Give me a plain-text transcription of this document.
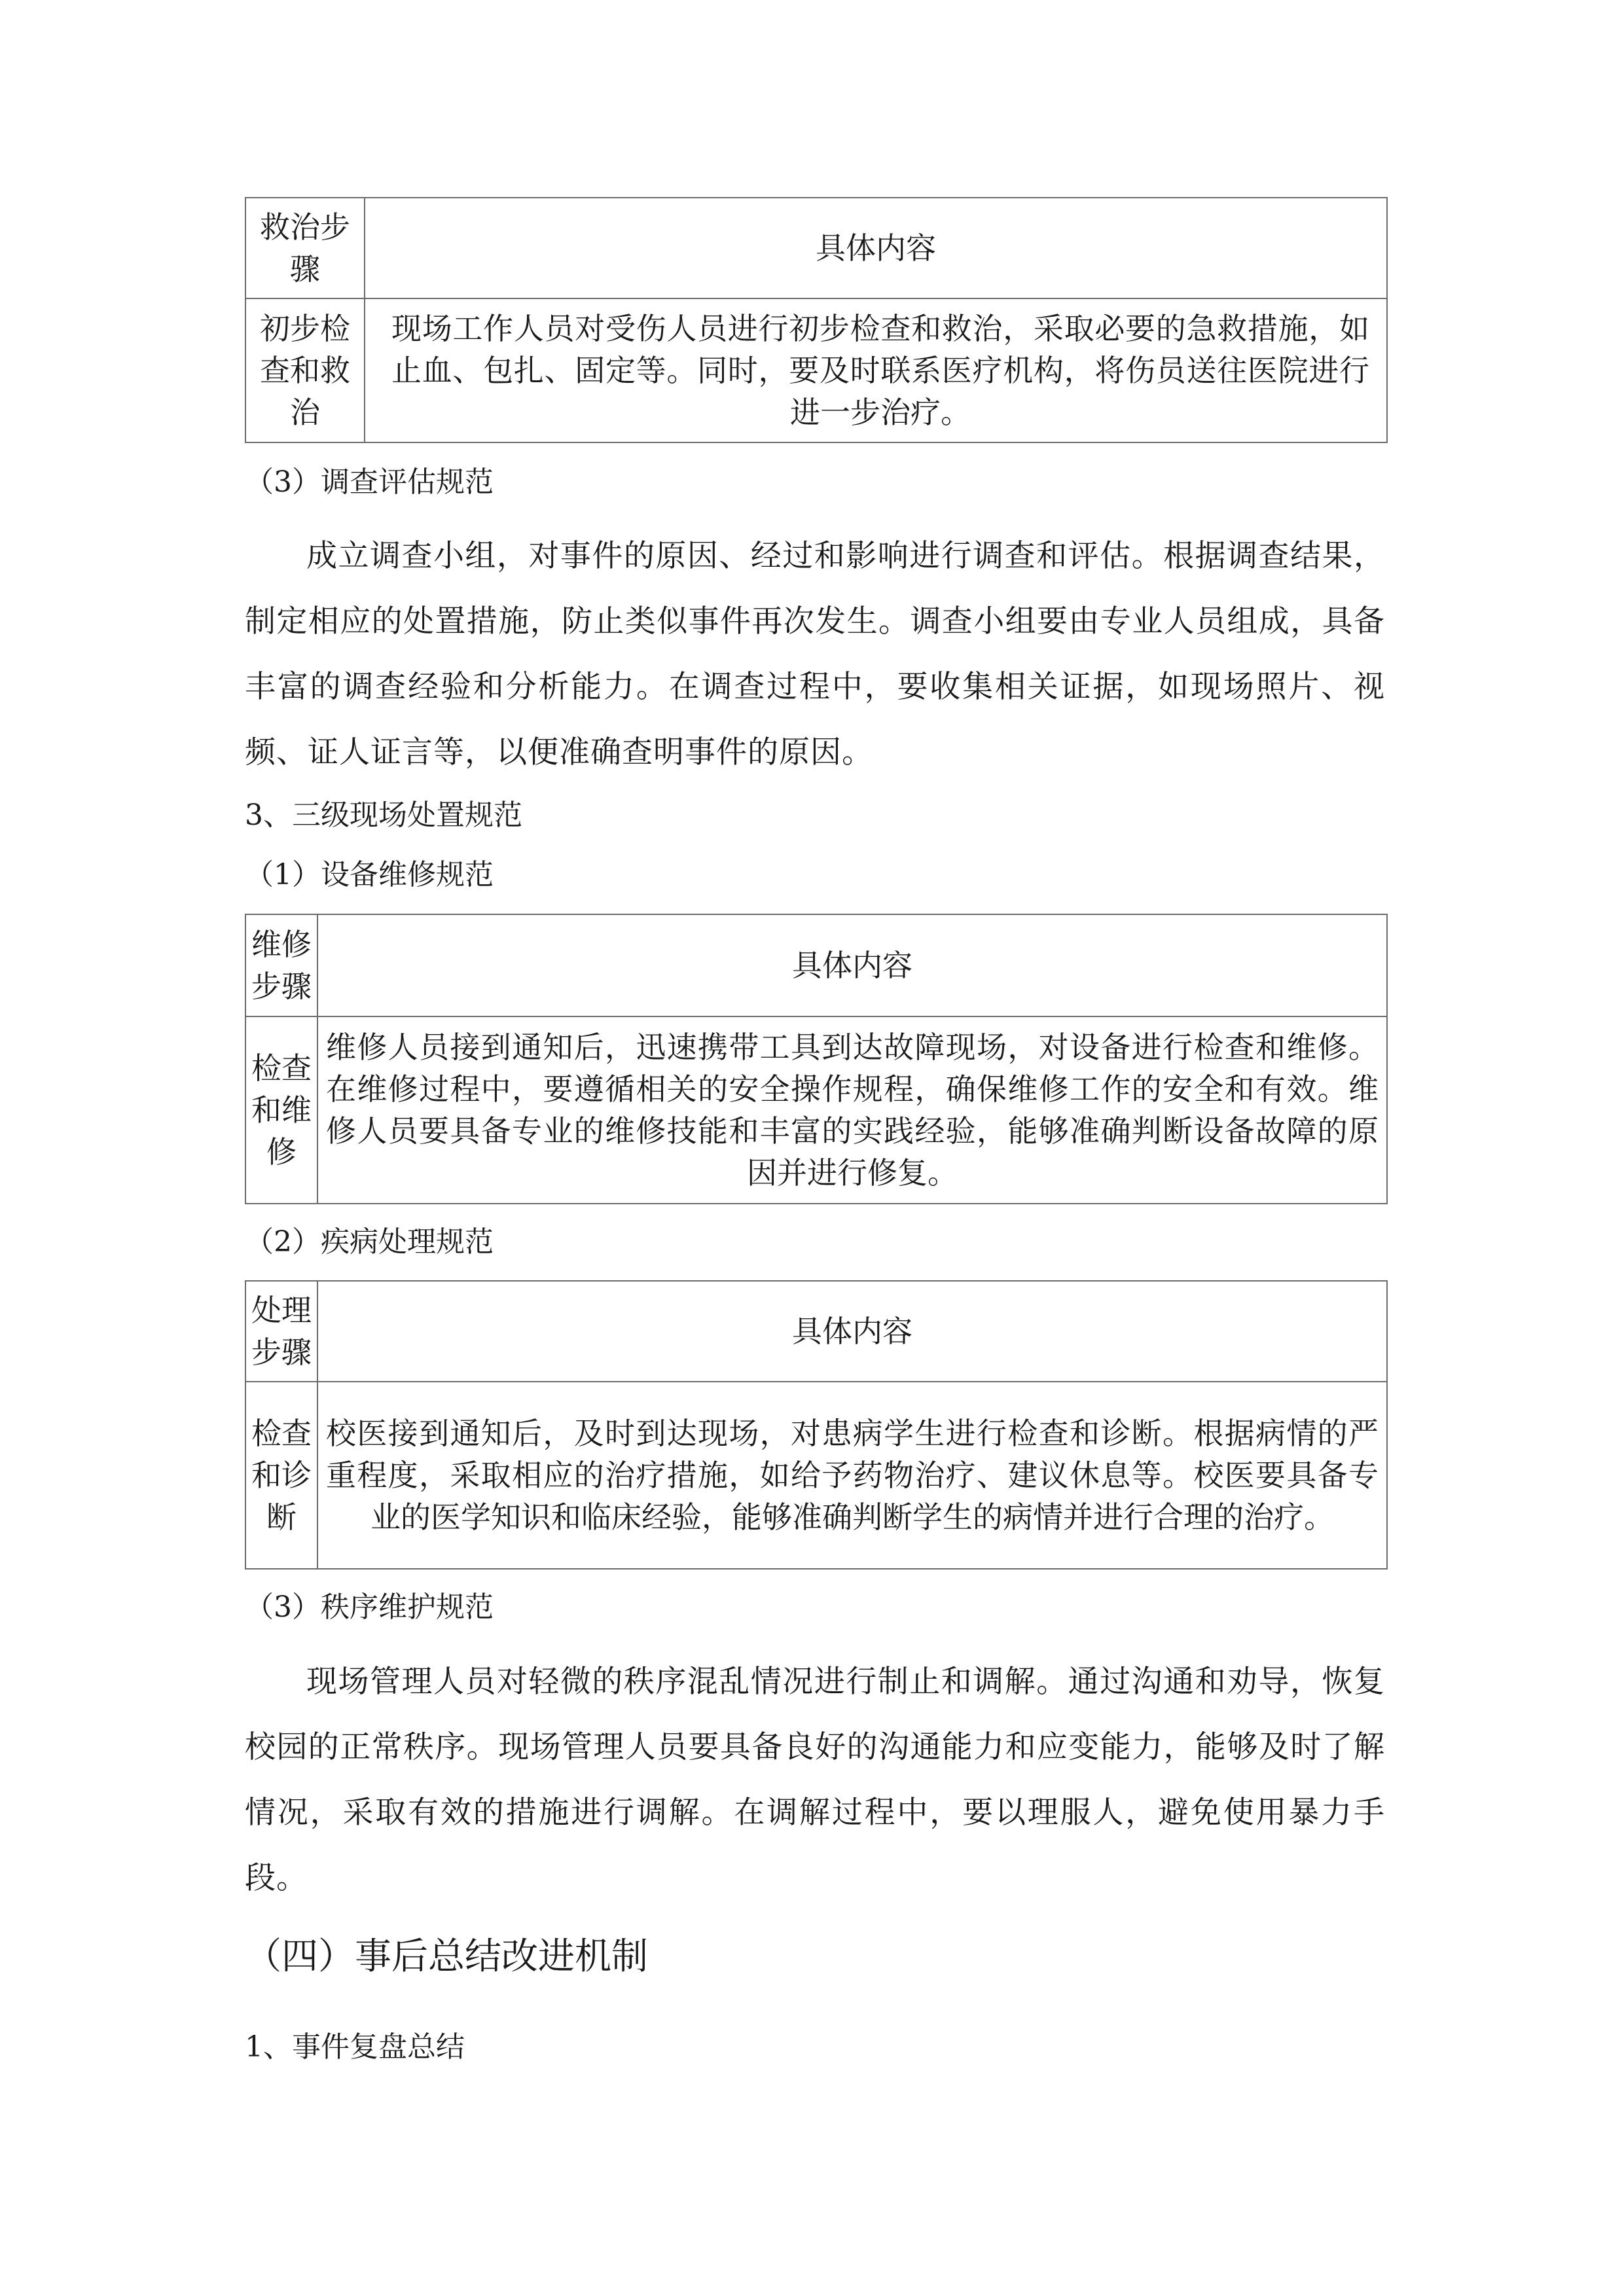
救治步骤	具体内容
初步检查和救治	现场工作人员对受伤人员进行初步检查和救治，采取必要的急救措施，如止血、包扎、固定等。同时，要及时联系医疗机构，将伤员送往医院进行进一步治疗。

（3）调查评估规范

成立调查小组，对事件的原因、经过和影响进行调查和评估。根据调查结果，制定相应的处置措施，防止类似事件再次发生。调查小组要由专业人员组成，具备丰富的调查经验和分析能力。在调查过程中，要收集相关证据，如现场照片、视频、证人证言等，以便准确查明事件的原因。

3、三级现场处置规范

（1）设备维修规范

维修步骤	具体内容
检查和维修	维修人员接到通知后，迅速携带工具到达故障现场，对设备进行检查和维修。在维修过程中，要遵循相关的安全操作规程，确保维修工作的安全和有效。维修人员要具备专业的维修技能和丰富的实践经验，能够准确判断设备故障的原因并进行修复。

（2）疾病处理规范

处理步骤	具体内容
检查和诊断	校医接到通知后，及时到达现场，对患病学生进行检查和诊断。根据病情的严重程度，采取相应的治疗措施，如给予药物治疗、建议休息等。校医要具备专业的医学知识和临床经验，能够准确判断学生的病情并进行合理的治疗。

（3）秩序维护规范

现场管理人员对轻微的秩序混乱情况进行制止和调解。通过沟通和劝导，恢复校园的正常秩序。现场管理人员要具备良好的沟通能力和应变能力，能够及时了解情况，采取有效的措施进行调解。在调解过程中，要以理服人，避免使用暴力手段。

（四）事后总结改进机制

1、事件复盘总结
